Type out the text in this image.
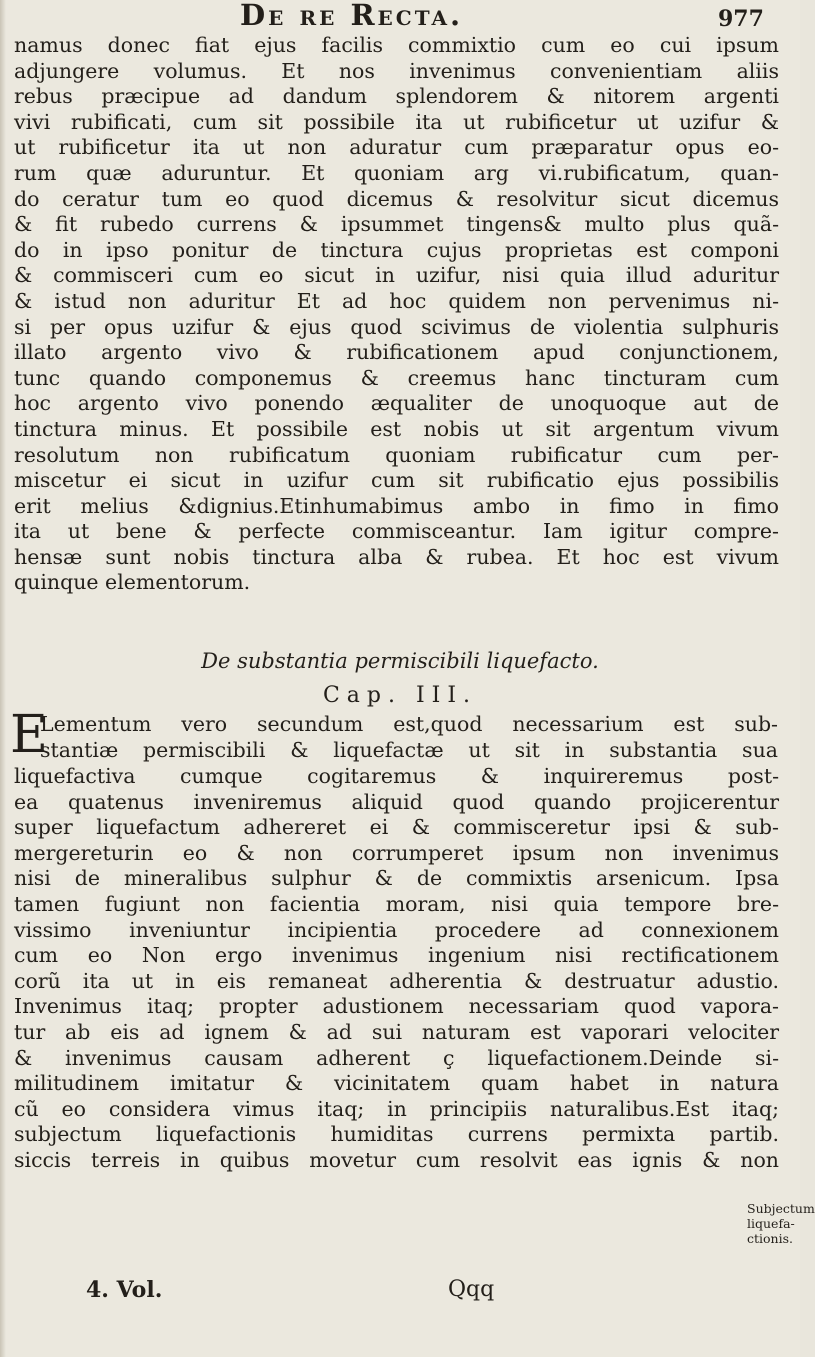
De re Recta.	977
namus donec fiat ejus facilis commixtio cum eo cui ipsum
adjungere volumus. Et nos invenimus convenientiam aliis
rebus præcipue ad dandum splendorem & nitorem argenti
vivi rubificati, cum sit possibile ita ut rubificetur ut uzifur &
ut rubificetur ita ut non aduratur cum præparatur opus eo-
rum quæ aduruntur. Et quoniam arg vi.rubificatum, quan-
do ceratur tum eo quod dicemus & resolvitur sicut dicemus
& fit rubedo currens & ipsummet tingens& multo plus quã-
do in ipso ponitur de tinctura cujus proprietas est componi
& commisceri cum eo sicut in uzifur, nisi quia illud aduritur
& istud non aduritur Et ad hoc quidem non pervenimus ni-
si per opus uzifur & ejus quod scivimus de violentia sulphuris
illato argento vivo & rubificationem apud conjunctionem,
tunc quando componemus & creemus hanc tincturam cum
hoc argento vivo ponendo æqualiter de unoquoque aut de
tinctura minus. Et possibile est nobis ut sit argentum vivum
resolutum non rubificatum quoniam rubificatur cum per-
miscetur ei sicut in uzifur cum sit rubificatio ejus possibilis
erit melius &dignius.Etinhumabimus ambo in fimo in fimo
ita ut bene & perfecte commisceantur. Iam igitur compre-
hensæ sunt nobis tinctura alba & rubea. Et hoc est vivum
quinque elementorum.
De substantia permiscibili liquefacto.
Cap. III.
E
Lementum vero secundum est,quod necessarium est sub-
stantiæ permiscibili & liquefactæ ut sit in substantia sua
liquefactiva cumque cogitaremus & inquireremus post-
ea quatenus inveniremus aliquid quod quando projicerentur
super liquefactum adhereret ei & commisceretur ipsi & sub-
mergereturin eo & non corrumperet ipsum non invenimus
nisi de mineralibus sulphur & de commixtis arsenicum. Ipsa
tamen fugiunt non facientia moram, nisi quia tempore bre-
vissimo inveniuntur incipientia procedere ad connexionem
cum eo Non ergo invenimus ingenium nisi rectificationem
corũ ita ut in eis remaneat adherentia & destruatur adustio.
Invenimus itaq; propter adustionem necessariam quod vapora-
tur ab eis ad ignem & ad sui naturam est vaporari velociter
& invenimus causam adherent ç liquefactionem.Deinde si-
militudinem imitatur & vicinitatem quam habet in natura
cũ eo considera vimus itaq; in principiis naturalibus.Est itaq;
subjectum liquefactionis humiditas currens permixta partib.
siccis terreis in quibus movetur cum resolvit eas ignis & non
Subjectum
liquefa-
ctionis.
4. Vol.	Qqq
